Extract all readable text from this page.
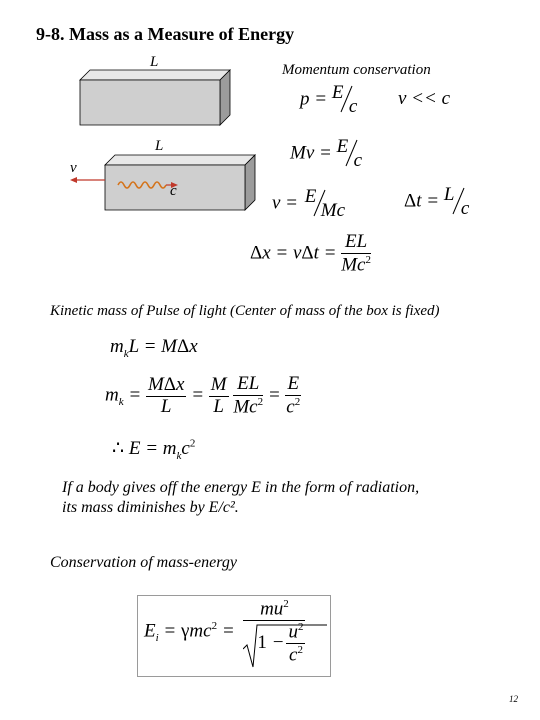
9-8. Mass as a Measure of Energy
L
L
v
c
Momentum conservation
p = E
c v << c
Mv = E
c
v = E
Mc	Δt = L
c
$\Delta x = v\Delta t = \frac{EL}{Mc^2}$
Kinetic mass of Pulse of light (Center of mass of the box is fixed)
$m_kL = M\Delta x$
$m_k = \frac{\text{MΔx}}{L} = \frac{M}{L}$
$\frac{EL}{Mc^2} = \frac{E}{c^2}$
∴ $E = m_kc^2$
If a body gives off the energy E in the form of radiation,
its mass diminishes by E/c².
Conservation of mass-energy
$E_i = \gamma mc^2 = \frac{mu^2}{1 - \frac{u^2}{c^2}}$
12
